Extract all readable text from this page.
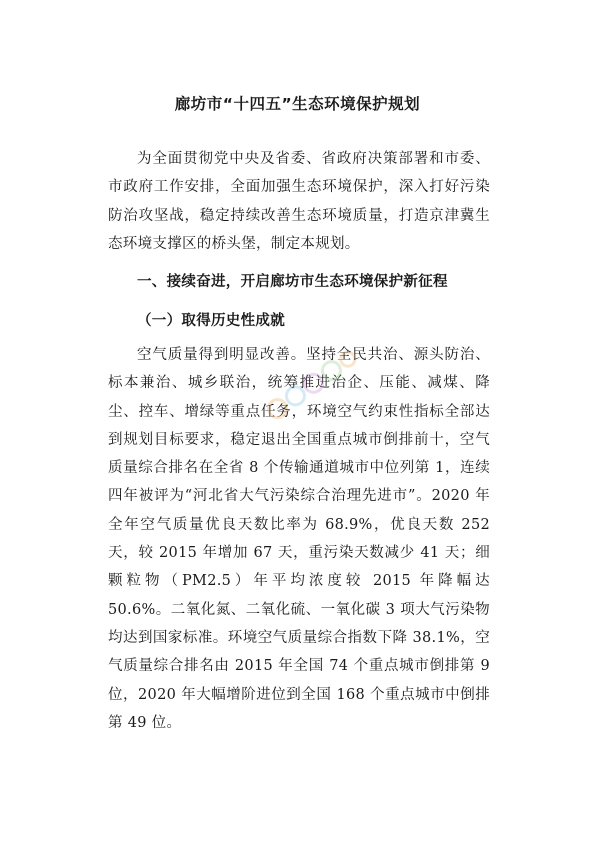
廊坊市“十四五”生态环境保护规划

为全面贯彻党中央及省委、省政府决策部署和市委、市政府工作安排，全面加强生态环境保护，深入打好污染防治攻坚战，稳定持续改善生态环境质量，打造京津冀生态环境支撑区的桥头堡，制定本规划。

一、接续奋进，开启廊坊市生态环境保护新征程
（一）取得历史性成就

空气质量得到明显改善。坚持全民共治、源头防治、标本兼治、城乡联治，统筹推进治企、压能、减煤、降尘、控车、增绿等重点任务，环境空气约束性指标全部达到规划目标要求，稳定退出全国重点城市倒排前十，空气质量综合排名在全省 8 个传输通道城市中位列第 1，连续四年被评为“河北省大气污染综合治理先进市”。2020 年全年空气质量优良天数比率为 68.9%，优良天数 252 天，较 2015 年增加 67 天，重污染天数减少 41 天；细颗粒物（PM2.5）年平均浓度较 2015 年降幅达 50.6%。二氧化氮、二氧化硫、一氧化碳 3 项大气污染物均达到国家标准。环境空气质量综合指数下降 38.1%，空气质量综合排名由 2015 年全国 74 个重点城市倒排第 9 位，2020 年大幅增阶进位到全国 168 个重点城市中倒排第 49 位。
